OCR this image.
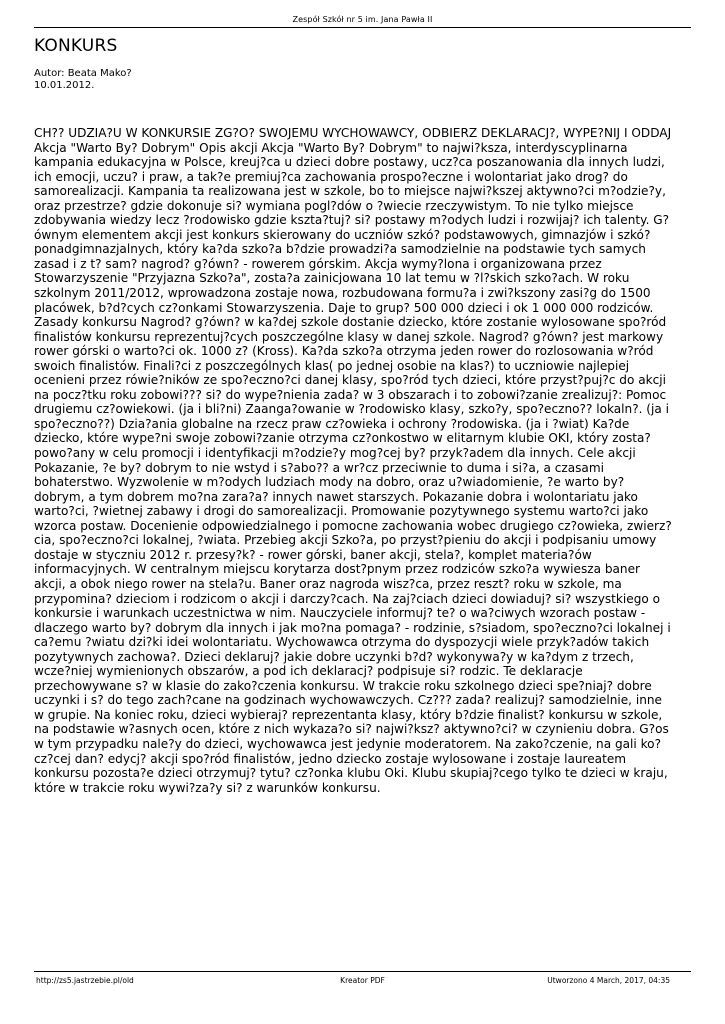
Zespół Szkół nr 5 im. Jana Pawła II
KONKURS
Autor: Beata Mako?
10.01.2012.

CH?? UDZIA?U W KONKURSIE ZG?O? SWOJEMU WYCHOWAWCY, ODBIERZ DEKLARACJ?, WYPE?NIJ I ODDAJ Akcja "Warto By? Dobrym" Opis akcji Akcja "Warto By? Dobrym" to najwi?ksza, interdyscyplinarna kampania edukacyjna w Polsce, kreuj?ca u dzieci dobre postawy, ucz?ca poszanowania dla innych ludzi, ich emocji, uczu? i praw, a tak?e premiuj?ca zachowania prospo?eczne i wolontariat jako drog? do samorealizacji. Kampania ta realizowana jest w szkole, bo to miejsce najwi?kszej aktywno?ci m?odzie?y, oraz przestrze? gdzie dokonuje si? wymiana pogl?dów o ?wiecie rzeczywistym. To nie tylko miejsce zdobywania wiedzy lecz ?rodowisko gdzie kszta?tuj? si? postawy m?odych ludzi i rozwijaj? ich talenty. G?ównym elementem akcji jest konkurs skierowany do uczniów szkó? podstawowych, gimnazjów i szkó? ponadgimnazjalnych, który ka?da szko?a b?dzie prowadzi?a samodzielnie na podstawie tych samych zasad i z t? sam? nagrod? g?ówn? - rowerem górskim. Akcja wymy?lona i organizowana przez Stowarzyszenie "Przyjazna Szko?a", zosta?a zainicjowana 10 lat temu w ?l?skich szko?ach. W roku szkolnym 2011/2012, wprowadzona zostaje nowa, rozbudowana formu?a i zwi?kszony zasi?g do 1500 placówek, b?d?cych cz?onkami Stowarzyszenia. Daje to grup? 500 000 dzieci i ok 1 000 000 rodziców. Zasady konkursu Nagrod? g?ówn? w ka?dej szkole dostanie dziecko, które zostanie wylosowane spo?ród finalistów konkursu reprezentuj?cych poszczególne klasy w danej szkole. Nagrod? g?ówn? jest markowy rower górski o warto?ci ok. 1000 z? (Kross). Ka?da szko?a otrzyma jeden rower do rozlosowania w?ród swoich finalistów. Finali?ci z poszczególnych klas( po jednej osobie na klas?) to uczniowie najlepiej ocenieni przez rówie?ników ze spo?eczno?ci danej klasy, spo?ród tych dzieci, które przyst?puj?c do akcji na pocz?tku roku zobowi??? si? do wype?nienia zada? w 3 obszarach i to zobowi?zanie zrealizuj?: Pomoc drugiemu cz?owiekowi. (ja i bli?ni) Zaanga?owanie w ?rodowisko klasy, szko?y, spo?eczno?? lokaln?. (ja i spo?eczno??) Dzia?ania globalne na rzecz praw cz?owieka i ochrony ?rodowiska. (ja i ?wiat) Ka?de dziecko, które wype?ni swoje zobowi?zanie otrzyma cz?onkostwo w elitarnym klubie OKI, który zosta? powo?any w celu promocji i identyfikacji m?odzie?y mog?cej by? przyk?adem dla innych. Cele akcji Pokazanie, ?e by? dobrym to nie wstyd i s?abo?? a wr?cz przeciwnie to duma i si?a, a czasami bohaterstwo. Wyzwolenie w m?odych ludziach mody na dobro, oraz u?wiadomienie, ?e warto by? dobrym, a tym dobrem mo?na zara?a? innych nawet starszych. Pokazanie dobra i wolontariatu jako warto?ci, ?wietnej zabawy i drogi do samorealizacji. Promowanie pozytywnego systemu warto?ci jako wzorca postaw. Docenienie odpowiedzialnego i pomocne zachowania wobec drugiego cz?owieka, zwierz?cia, spo?eczno?ci lokalnej, ?wiata. Przebieg akcji Szko?a, po przyst?pieniu do akcji i podpisaniu umowy dostaje w styczniu 2012 r. przesy?k? - rower górski, baner akcji, stela?, komplet materia?ów informacyjnych. W centralnym miejscu korytarza dost?pnym przez rodziców szko?a wywiesza baner akcji, a obok niego rower na stela?u. Baner oraz nagroda wisz?ca, przez reszt? roku w szkole, ma przypomina? dzieciom i rodzicom o akcji i darczy?cach. Na zaj?ciach dzieci dowiaduj? si? wszystkiego o konkursie i warunkach uczestnictwa w nim. Nauczyciele informuj? te? o wa?ciwych wzorach postaw - dlaczego warto by? dobrym dla innych i jak mo?na pomaga? - rodzinie, s?siadom, spo?eczno?ci lokalnej i ca?emu ?wiatu dzi?ki idei wolontariatu. Wychowawca otrzyma do dyspozycji wiele przyk?adów takich pozytywnych zachowa?. Dzieci deklaruj? jakie dobre uczynki b?d? wykonywa?y w ka?dym z trzech, wcze?niej wymienionych obszarów, a pod ich deklaracj? podpisuje si? rodzic. Te deklaracje przechowywane s? w klasie do zako?czenia konkursu. W trakcie roku szkolnego dzieci spe?niaj? dobre uczynki i s? do tego zach?cane na godzinach wychowawczych. Cz??? zada? realizuj? samodzielnie, inne w grupie. Na koniec roku, dzieci wybieraj? reprezentanta klasy, który b?dzie finalist? konkursu w szkole, na podstawie w?asnych ocen, które z nich wykaza?o si? najwi?ksz? aktywno?ci? w czynieniu dobra. G?os w tym przypadku nale?y do dzieci, wychowawca jest jedynie moderatorem. Na zako?czenie, na gali ko?cz?cej dan? edycj? akcji spo?ród finalistów, jedno dziecko zostaje wylosowane i zostaje laureatem konkursu pozosta?e dzieci otrzymuj? tytu? cz?onka klubu Oki. Klubu skupiaj?cego tylko te dzieci w kraju, które w trakcie roku wywi?za?y si? z warunków konkursu.

http://zs5.jastrzebie.pl/old	Kreator PDF	Utworzono 4 March, 2017, 04:35
